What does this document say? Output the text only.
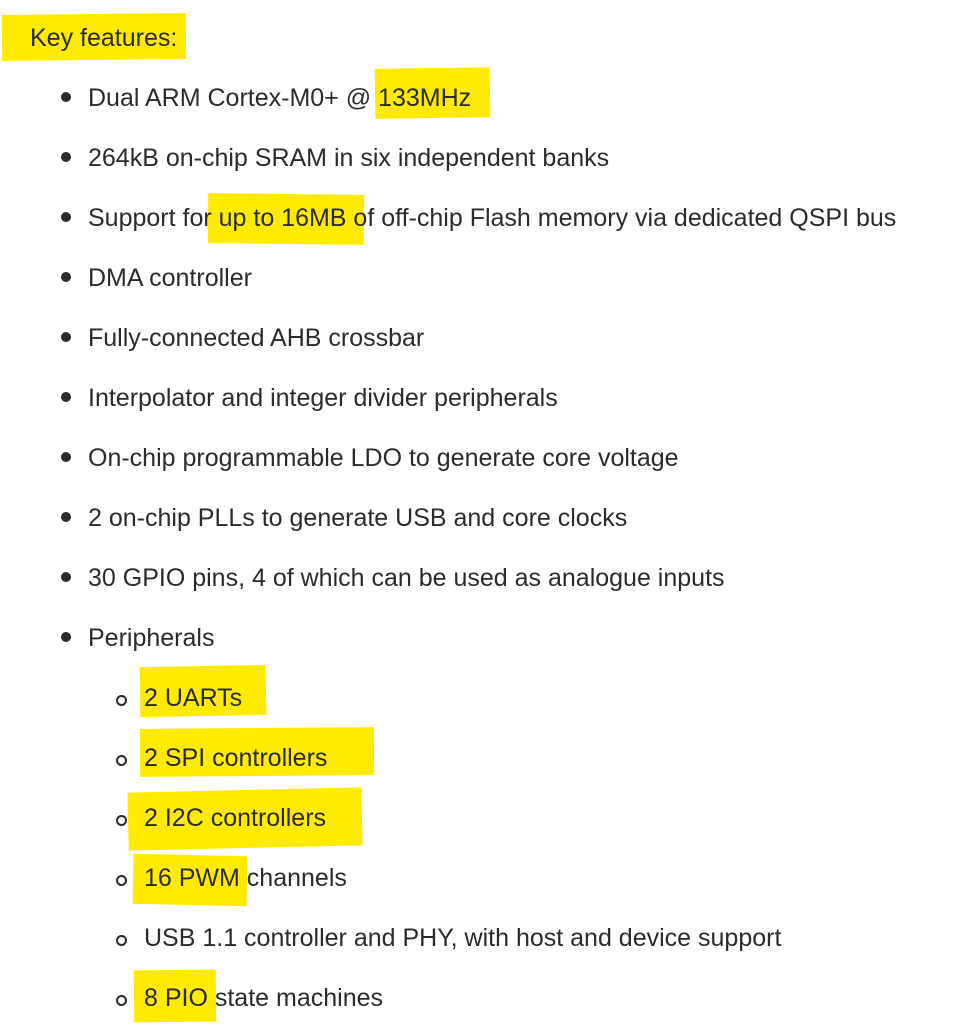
Key features:
Dual ARM Cortex-M0+ @ 133MHz
264kB on-chip SRAM in six independent banks
Support for up to 16MB of off-chip Flash memory via dedicated QSPI bus
DMA controller
Fully-connected AHB crossbar
Interpolator and integer divider peripherals
On-chip programmable LDO to generate core voltage
2 on-chip PLLs to generate USB and core clocks
30 GPIO pins, 4 of which can be used as analogue inputs
Peripherals
2 UARTs
2 SPI controllers
2 I2C controllers
16 PWM channels
USB 1.1 controller and PHY, with host and device support
8 PIO state machines
